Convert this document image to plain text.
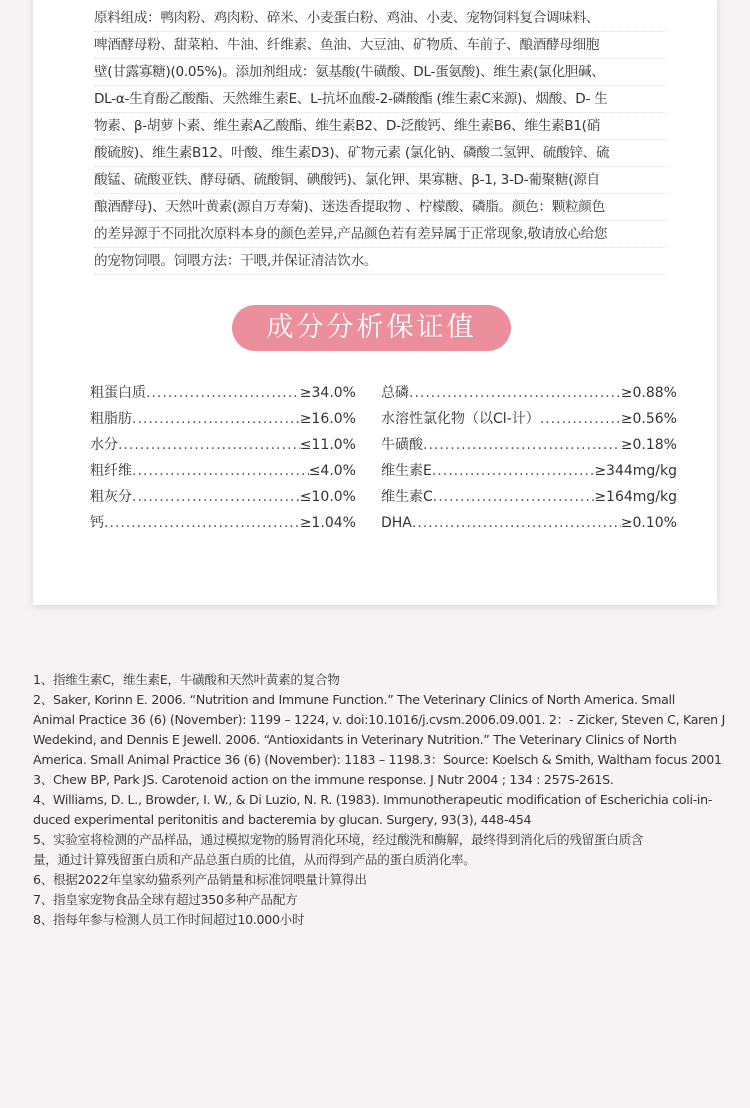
原料组成：鸭肉粉、鸡肉粉、碎米、小麦蛋白粉、鸡油、小麦、宠物饲料复合调味料、
啤酒酵母粉、甜菜粕、牛油、纤维素、鱼油、大豆油、矿物质、车前子、酿酒酵母细胞
壁(甘露寡糖)(0.05%)。添加剂组成：氨基酸(牛磺酸、DL-蛋氨酸)、维生素(氯化胆碱、
DL-α-生育酚乙酸酯、天然维生素E、L-抗坏血酸-2-磷酸酯 (维生素C来源)、烟酸、D- 生
物素、β-胡萝卜素、维生素A乙酸酯、维生素B2、D-泛酸钙、维生素B6、维生素B1(硝
酸硫胺)、维生素B12、叶酸、维生素D3)、矿物元素 (氯化钠、磷酸二氢钾、硫酸锌、硫
酸锰、硫酸亚铁、酵母硒、硫酸铜、碘酸钙)、氯化钾、果寡糖、β-1, 3-D-葡聚糖(源自
酿酒酵母)、天然叶黄素(源自万寿菊)、迷迭香提取物 、柠檬酸、磷脂。颜色：颗粒颜色
的差异源于不同批次原料本身的颜色差异,产品颜色若有差异属于正常现象,敬请放心给您
的宠物饲喂。饲喂方法：干喂,并保证清洁饮水。
成分分析保证值
粗蛋白质 .....	≥34.0%
粗脂肪 .....	≥16.0%
水分 .....	≤11.0%
粗纤维 .....	≤4.0%
粗灰分 .....	≤10.0%
钙 .....	≥1.04%
总磷 .....	≥0.88%
水溶性氯化物（以Cl-计） .....	≥0.56%
牛磺酸 .....	≥0.18%
维生素E .....	≥344mg/kg
维生素C .....	≥164mg/kg
DHA .....	≥0.10%
1、指维生素C，维生素E，牛磺酸和天然叶黄素的复合物
2、Saker, Korinn E. 2006. “Nutrition and Immune Function.” The Veterinary Clinics of North America. Small
Animal Practice 36 (6) (November): 1199 – 1224, v. doi:10.1016/j.cvsm.2006.09.001. 2：- Zicker, Steven C, Karen J
Wedekind, and Dennis E Jewell. 2006. “Antioxidants in Veterinary Nutrition.” The Veterinary Clinics of North
America. Small Animal Practice 36 (6) (November): 1183 – 1198.3：Source: Koelsch & Smith, Waltham focus 2001
3、Chew BP, Park JS. Carotenoid action on the immune response. J Nutr 2004 ; 134 : 257S-261S.
4、Williams, D. L., Browder, I. W., & Di Luzio, N. R. (1983). Immunotherapeutic modification of Escherichia coli-in-
duced experimental peritonitis and bacteremia by glucan. Surgery, 93(3), 448-454
5、实验室将检测的产品样品，通过模拟宠物的肠胃消化环境，经过酸洗和酶解，最终得到消化后的残留蛋白质含
量，通过计算残留蛋白质和产品总蛋白质的比值，从而得到产品的蛋白质消化率。
6、根据2022年皇家幼猫系列产品销量和标准饲喂量计算得出
7、指皇家宠物食品全球有超过350多种产品配方
8、指每年参与检测人员工作时间超过10.000小时
